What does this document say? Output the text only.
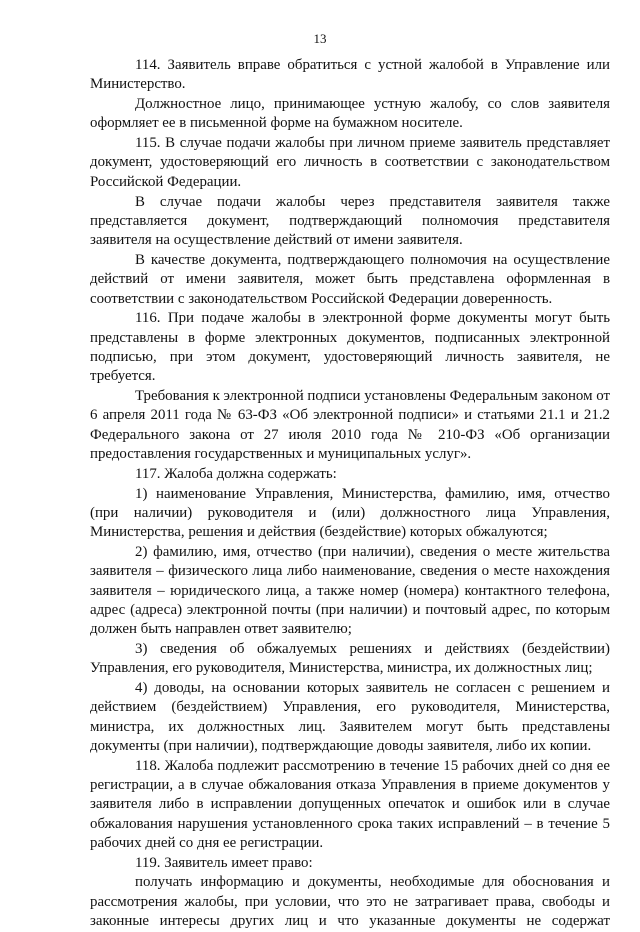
13

114. Заявитель вправе обратиться с устной жалобой в Управление или Министерство.

Должностное лицо, принимающее устную жалобу, со слов заявителя оформляет ее в письменной форме на бумажном носителе.

115. В случае подачи жалобы при личном приеме заявитель представляет документ, удостоверяющий его личность в соответствии с законодательством Российской Федерации.

В случае подачи жалобы через представителя заявителя также представляется документ, подтверждающий полномочия представителя заявителя на осуществление действий от имени заявителя.

В качестве документа, подтверждающего полномочия на осуществление действий от имени заявителя, может быть представлена оформленная в соответствии с законодательством Российской Федерации доверенность.

116. При подаче жалобы в электронной форме документы могут быть представлены в форме электронных документов, подписанных электронной подписью, при этом документ, удостоверяющий личность заявителя, не требуется.

Требования к электронной подписи установлены Федеральным законом от 6 апреля 2011 года № 63-ФЗ «Об электронной подписи» и статьями 21.1 и 21.2 Федерального закона от 27 июля 2010 года № 210-ФЗ «Об организации предоставления государственных и муниципальных услуг».

117. Жалоба должна содержать:

1) наименование Управления, Министерства, фамилию, имя, отчество (при наличии) руководителя и (или) должностного лица Управления, Министерства, решения и действия (бездействие) которых обжалуются;

2) фамилию, имя, отчество (при наличии), сведения о месте жительства заявителя – физического лица либо наименование, сведения о месте нахождения заявителя – юридического лица, а также номер (номера) контактного телефона, адрес (адреса) электронной почты (при наличии) и почтовый адрес, по которым должен быть направлен ответ заявителю;

3) сведения об обжалуемых решениях и действиях (бездействии) Управления, его руководителя, Министерства, министра, их должностных лиц;

4) доводы, на основании которых заявитель не согласен с решением и действием (бездействием) Управления, его руководителя, Министерства, министра, их должностных лиц. Заявителем могут быть представлены документы (при наличии), подтверждающие доводы заявителя, либо их копии.

118. Жалоба подлежит рассмотрению в течение 15 рабочих дней со дня ее регистрации, а в случае обжалования отказа Управления в приеме документов у заявителя либо в исправлении допущенных опечаток и ошибок или в случае обжалования нарушения установленного срока таких исправлений – в течение 5 рабочих дней со дня ее регистрации.

119. Заявитель имеет право:

получать информацию и документы, необходимые для обоснования и рассмотрения жалобы, при условии, что это не затрагивает права, свободы и законные интересы других лиц и что указанные документы не содержат
